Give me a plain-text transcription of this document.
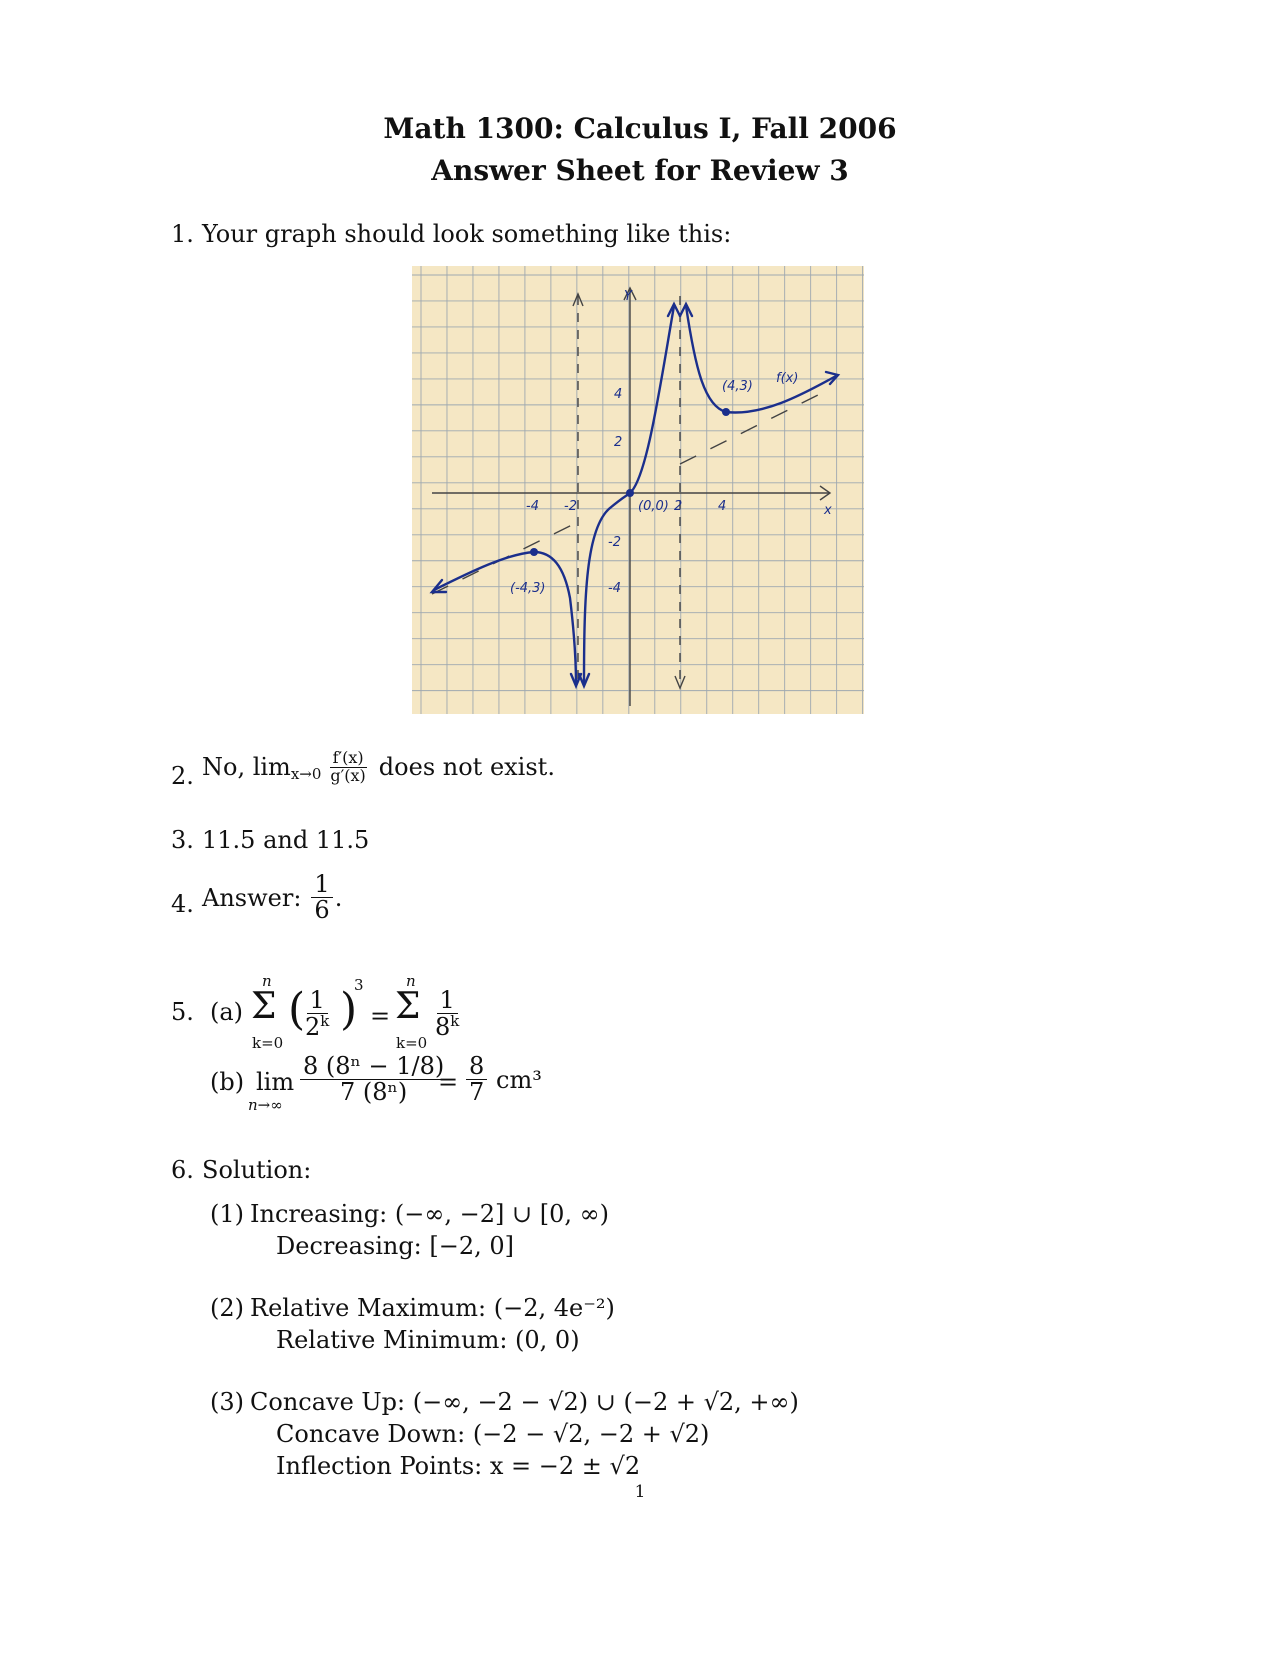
Math 1300: Calculus I, Fall 2006
Answer Sheet for Review 3
1. Your graph should look something like this:
Y
x
-4 -2	2	4
4
2
-2
-4
(0,0)
(4,3)
(-4,3)
f(x)
2. No, $\lim x\to 0 \frac{f'(x)}{g'(x)}$ does not exist.
3. 11.5 and 11.5
4. Answer: $\frac{1}{6}$ .
5. (a)
n
Σ
k=0
(
$\frac{1}{2^k}$ )
3
=
n
Σ
k=0
$\frac{1}{8^k}$
(b) lim
$n\to\infty \frac{\text{8 (8ⁿ − 1/8)}}{\text{7 (8ⁿ)}}$
= $\frac{8}{7} cm^3$
6. Solution:
(1) Increasing: (−∞, −2] ∪ [0, ∞)
Decreasing: [−2, 0]
(2) Relative Maximum: (−2, 4e⁻²)
Relative Minimum: (0, 0)
(3) Concave Up: (−∞, −2 − √2) ∪ (−2 + √2, +∞)
Concave Down: (−2 − √2, −2 + √2)
Inflection Points: x = −2 ± √2
1
